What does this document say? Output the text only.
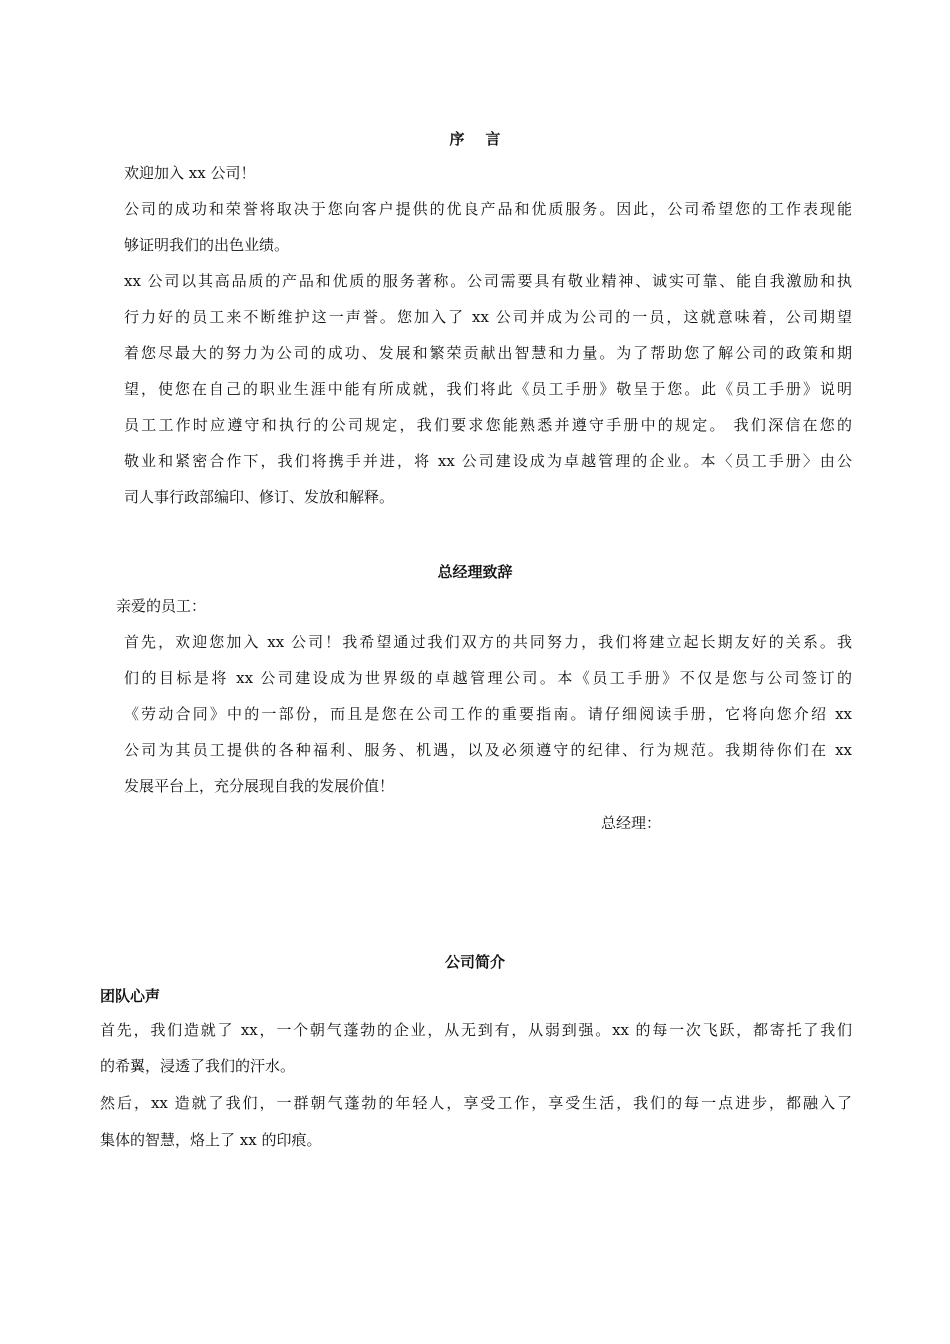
序    言
欢迎加入 xx 公司！
公司的成功和荣誉将取决于您向客户提供的优良产品和优质服务。因此，公司希望您的工作表现能
够证明我们的出色业绩。
xx 公司以其高品质的产品和优质的服务著称。公司需要具有敬业精神、诚实可靠、能自我激励和执
行力好的员工来不断维护这一声誉。您加入了 xx 公司并成为公司的一员，这就意味着，公司期望
着您尽最大的努力为公司的成功、发展和繁荣贡献出智慧和力量。为了帮助您了解公司的政策和期
望，使您在自己的职业生涯中能有所成就，我们将此《员工手册》敬呈于您。此《员工手册》说明
员工工作时应遵守和执行的公司规定，我们要求您能熟悉并遵守手册中的规定。 我们深信在您的
敬业和紧密合作下，我们将携手并进，将 xx 公司建设成为卓越管理的企业。本〈员工手册〉由公
司人事行政部编印、修订、发放和解释。
总经理致辞
亲爱的员工：
首先，欢迎您加入 xx 公司！我希望通过我们双方的共同努力，我们将建立起长期友好的关系。我
们的目标是将 xx 公司建设成为世界级的卓越管理公司。本《员工手册》不仅是您与公司签订的
《劳动合同》中的一部份，而且是您在公司工作的重要指南。请仔细阅读手册，它将向您介绍 xx
公司为其员工提供的各种福利、服务、机遇，以及必须遵守的纪律、行为规范。我期待你们在 xx
发展平台上，充分展现自我的发展价值！
总经理：
公司简介
团队心声
首先，我们造就了 xx，一个朝气蓬勃的企业，从无到有，从弱到强。xx 的每一次飞跃，都寄托了我们
的希翼，浸透了我们的汗水。
然后，xx 造就了我们，一群朝气蓬勃的年轻人，享受工作，享受生活，我们的每一点进步，都融入了
集体的智慧，烙上了 xx 的印痕。
